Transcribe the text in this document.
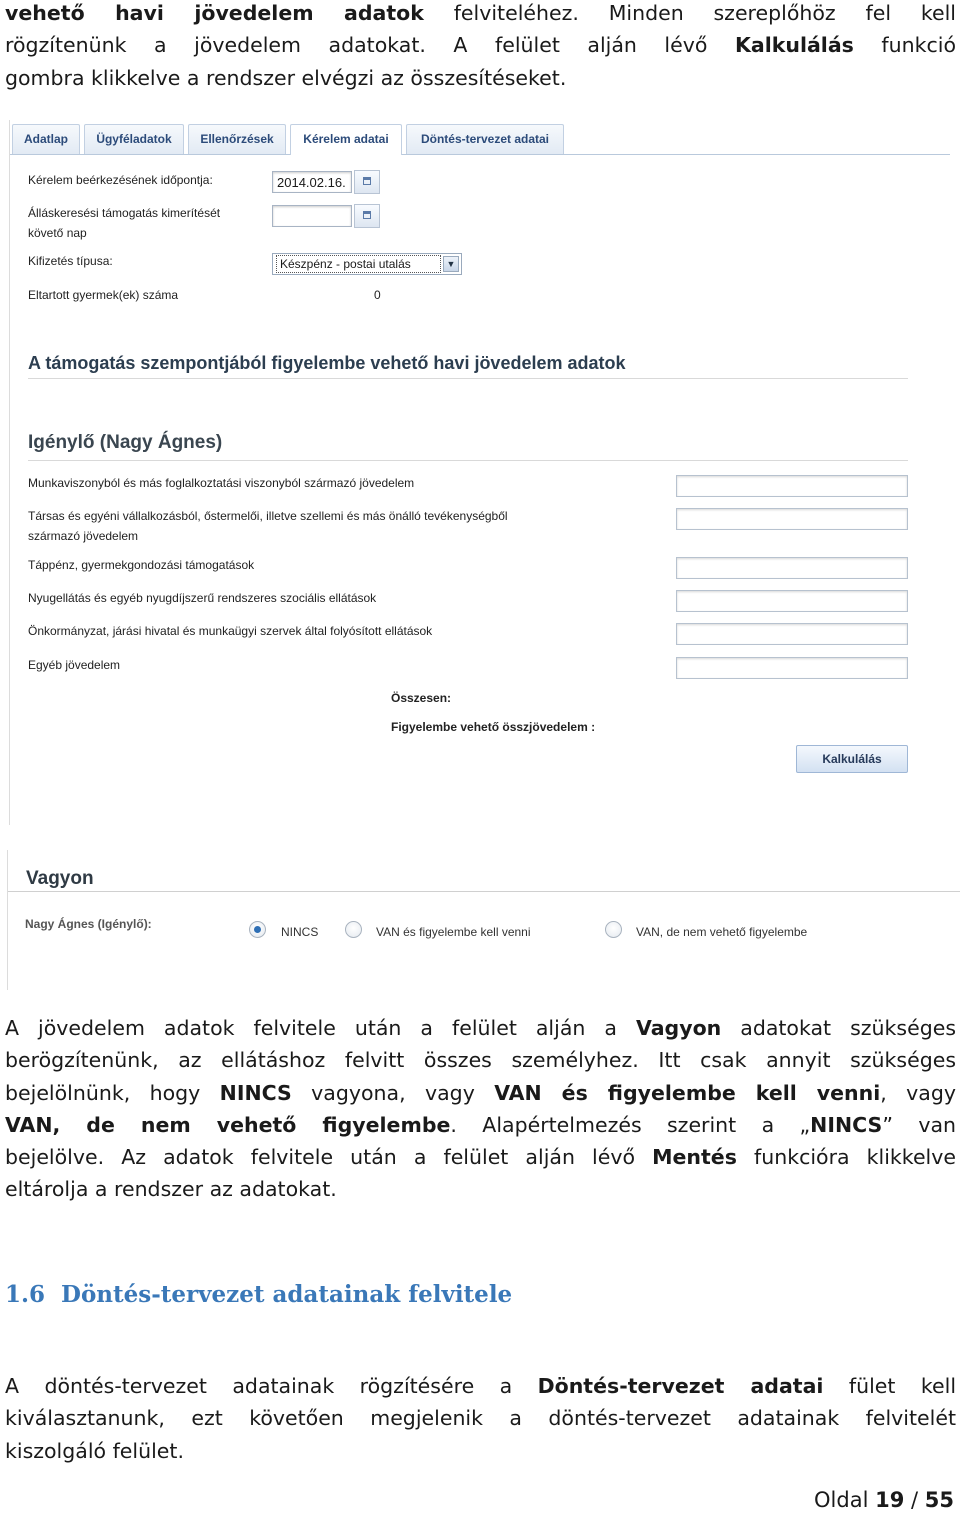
vehető havi jövedelem adatok felviteléhez. Minden szereplőhöz fel kell
rögzítenünk a jövedelem adatokat. A felület alján lévő Kalkulálás funkció
gombra klikkelve a rendszer elvégzi az összesítéseket.
Adatlap	Ügyféladatok	Ellenőrzések	Kérelem adatai	Döntés-tervezet adatai
Kérelem beérkezésének időpontja:	2014.02.16.
Álláskeresési támogatás kimerítését
követő nap
Kifizetés típusa:	Készpénz - postai utalás	▼
Eltartott gyermek(ek) száma	0
A támogatás szempontjából figyelembe vehető havi jövedelem adatok
Igénylő (Nagy Ágnes)
Munkaviszonyból és más foglalkoztatási viszonyból származó jövedelem
Társas és egyéni vállalkozásból, őstermelői, illetve szellemi és más önálló tevékenységből
származó jövedelem
Táppénz, gyermekgondozási támogatások
Nyugellátás és egyéb nyugdíjszerű rendszeres szociális ellátások
Önkormányzat, járási hivatal és munkaügyi szervek által folyósított ellátások
Egyéb jövedelem
Összesen:
Figyelembe vehető összjövedelem :
Kalkulálás
Vagyon
Nagy Ágnes (Igénylő):
NINCS	VAN és figyelembe kell venni	VAN, de nem vehető figyelembe
A jövedelem adatok felvitele után a felület alján a Vagyon adatokat szükséges
berögzítenünk, az ellátáshoz felvitt összes személyhez. Itt csak annyit szükséges
bejelölnünk, hogy NINCS vagyona, vagy VAN és figyelembe kell venni, vagy
VAN, de nem vehető figyelembe. Alapértelmezés szerint a „NINCS” van
bejelölve. Az adatok felvitele után a felület alján lévő Mentés funkcióra klikkelve
eltárolja a rendszer az adatokat.
1.6 Döntés-tervezet adatainak felvitele
A döntés-tervezet adatainak rögzítésére a Döntés-tervezet adatai fület kell
kiválasztanunk, ezt követően megjelenik a döntés-tervezet adatainak felvitelét
kiszolgáló felület.
Oldal 19 / 55
